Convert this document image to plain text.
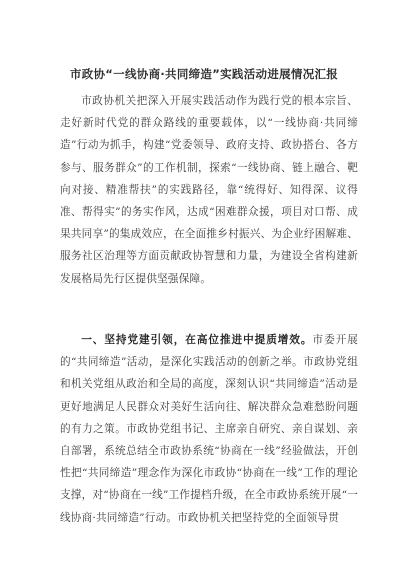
市政协“一线协商·共同缔造”实践活动进展情况汇报

市政协机关把深入开展实践活动作为践行党的根本宗旨、走好新时代党的群众路线的重要载体，以“一线协商·共同缔造”行动为抓手，构建“党委领导、政府支持、政协搭台、各方参与、服务群众”的工作机制，探索“一线协商、链上融合、靶向对接、精准帮扶”的实践路径，靠“统得好、知得深、议得准、帮得实”的务实作风，达成“困难群众援，项目对口帮、成果共同享”的集成效应，在全面推乡村振兴、为企业纾困解难、服务社区治理等方面贡献政协智慧和力量，为建设全省构建新发展格局先行区提供坚强保障。

一、坚持党建引领，在高位推进中提质增效。市委开展的“共同缔造”活动，是深化实践活动的创新之举。市政协党组和机关党组从政治和全局的高度，深刻认识“共同缔造”活动是更好地满足人民群众对美好生活向往、解决群众急难愁盼问题的有力之策。市政协党组书记、主席亲自研究、亲自谋划、亲自部署，系统总结全市政协系统“协商在一线”经验做法，开创性把“共同缔造”理念作为深化市政协“协商在一线”工作的理论支撑，对“协商在一线”工作提档升级，在全市政协系统开展“一线协商·共同缔造”行动。市政协机关把坚持党的全面领导贯
